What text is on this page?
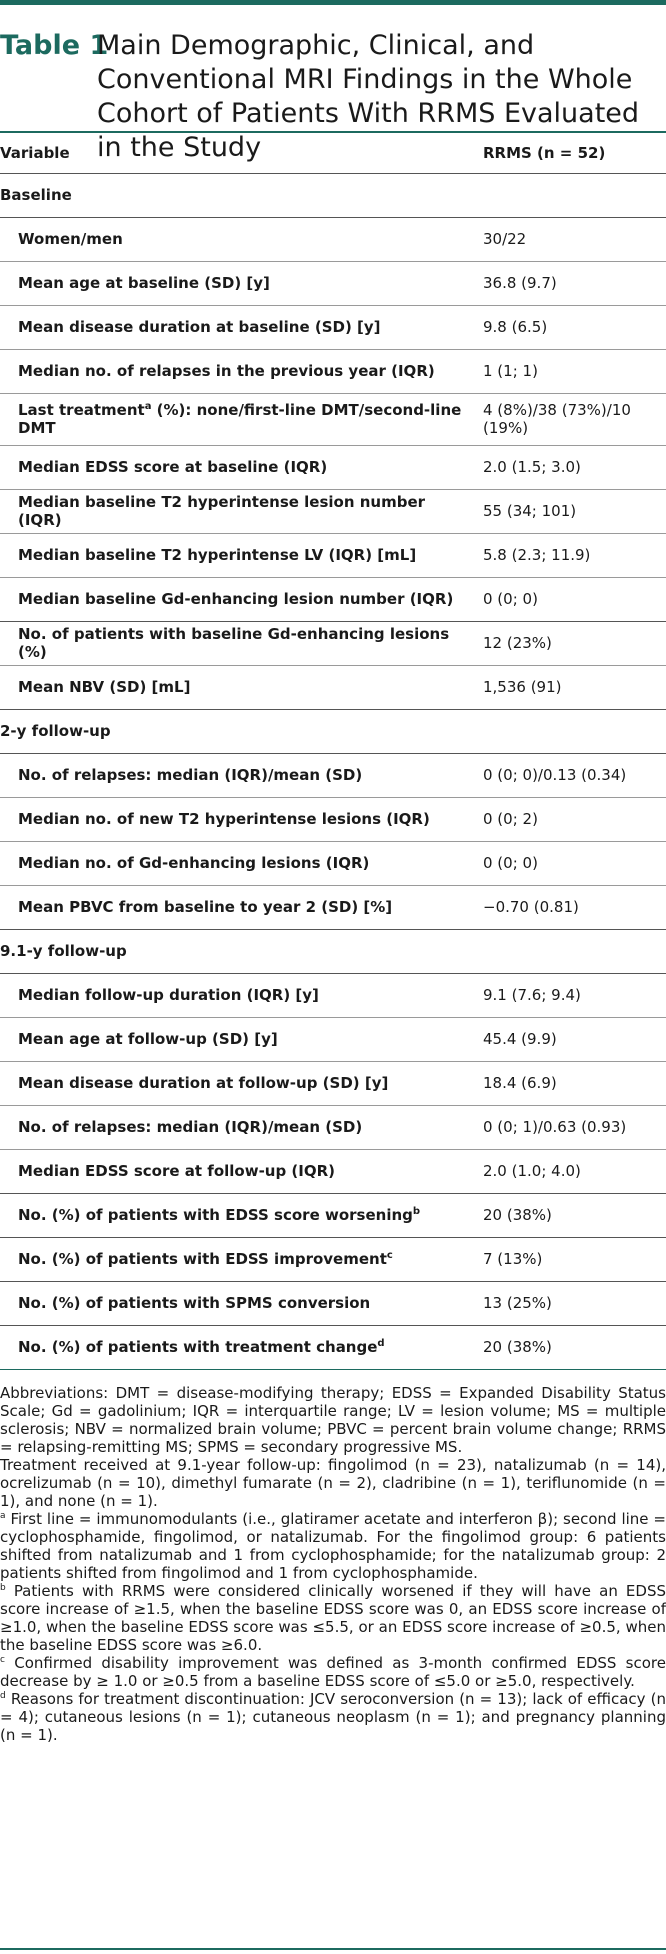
Table 1
Main Demographic, Clinical, and Conventional MRI Findings in the Whole Cohort of Patients With RRMS Evaluated in the Study
Variable	RRMS (n = 52)
Baseline	
Women/men	30/22
Mean age at baseline (SD) [y]	36.8 (9.7)
Mean disease duration at baseline (SD) [y]	9.8 (6.5)
Median no. of relapses in the previous year (IQR)	1 (1; 1)
Last treatment$^a$ (%): none/first-line DMT/second-line DMT	4 (8%)/38 (73%)/10 (19%)
Median EDSS score at baseline (IQR)	2.0 (1.5; 3.0)
Median baseline T2 hyperintense lesion number (IQR)	55 (34; 101)
Median baseline T2 hyperintense LV (IQR) [mL]	5.8 (2.3; 11.9)
Median baseline Gd-enhancing lesion number (IQR)	0 (0; 0)
No. of patients with baseline Gd-enhancing lesions (%)	12 (23%)
Mean NBV (SD) [mL]	1,536 (91)
2-y follow-up	
No. of relapses: median (IQR)/mean (SD)	0 (0; 0)/0.13 (0.34)
Median no. of new T2 hyperintense lesions (IQR)	0 (0; 2)
Median no. of Gd-enhancing lesions (IQR)	0 (0; 0)
Mean PBVC from baseline to year 2 (SD) [%]	−0.70 (0.81)
9.1-y follow-up	
Median follow-up duration (IQR) [y]	9.1 (7.6; 9.4)
Mean age at follow-up (SD) [y]	45.4 (9.9)
Mean disease duration at follow-up (SD) [y]	18.4 (6.9)
No. of relapses: median (IQR)/mean (SD)	0 (0; 1)/0.63 (0.93)
Median EDSS score at follow-up (IQR)	2.0 (1.0; 4.0)
No. (%) of patients with EDSS score worsening$^b$	20 (38%)
No. (%) of patients with EDSS improvement$^c$	7 (13%)
No. (%) of patients with SPMS conversion	13 (25%)
No. (%) of patients with treatment change$^d$	20 (38%)

Abbreviations: DMT = disease-modifying therapy; EDSS = Expanded Disability Status Scale; Gd = gadolinium; IQR = interquartile range; LV = lesion volume; MS = multiple sclerosis; NBV = normalized brain volume; PBVC = percent brain volume change; RRMS = relapsing-remitting MS; SPMS = secondary progressive MS.

Treatment received at 9.1-year follow-up: fingolimod (n = 23), natalizumab (n = 14), ocrelizumab (n = 10), dimethyl fumarate (n = 2), cladribine (n = 1), teriflunomide (n = 1), and none (n = 1).

$^a$ First line = immunomodulants (i.e., glatiramer acetate and interferon β); second line = cyclophosphamide, fingolimod, or natalizumab. For the fingolimod group: 6 patients shifted from natalizumab and 1 from cyclophosphamide; for the natalizumab group: 2 patients shifted from fingolimod and 1 from cyclophosphamide.

$^b$ Patients with RRMS were considered clinically worsened if they will have an EDSS score increase of ≥1.5, when the baseline EDSS score was 0, an EDSS score increase of ≥1.0, when the baseline EDSS score was ≤5.5, or an EDSS score increase of ≥0.5, when the baseline EDSS score was ≥6.0.

$^c$ Confirmed disability improvement was defined as 3-month confirmed EDSS score decrease by ≥ 1.0 or ≥0.5 from a baseline EDSS score of ≤5.0 or ≥5.0, respectively.

$^d$ Reasons for treatment discontinuation: JCV seroconversion (n = 13); lack of efficacy (n = 4); cutaneous lesions (n = 1); cutaneous neoplasm (n = 1); and pregnancy planning (n = 1).
